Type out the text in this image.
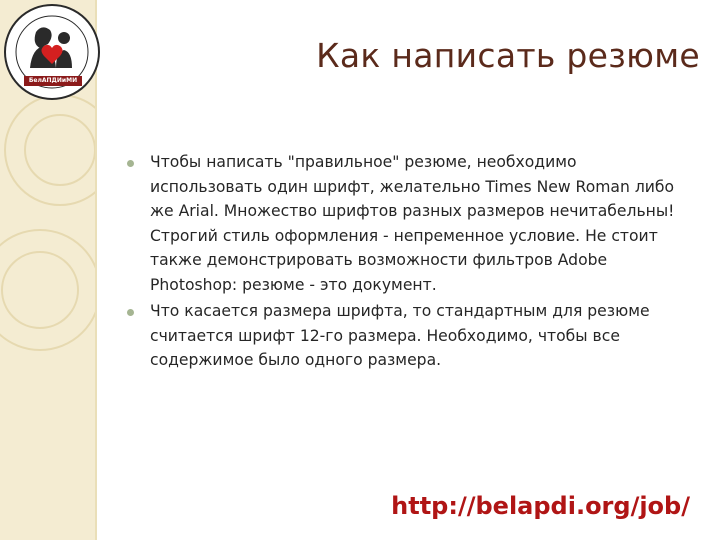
БелАПДИиМИ
Как написать резюме
Чтобы написать "правильное" резюме, необходимо использовать один шрифт, желательно Times New Roman либо же Arial. Множество шрифтов разных размеров нечитабельны! Строгий стиль оформления - непременное условие. Не стоит также демонстрировать возможности фильтров Adobe Photoshop: резюме - это документ.
Что касается размера шрифта, то стандартным для резюме считается шрифт 12-го размера. Необходимо, чтобы все содержимое было одного размера.
http://belapdi.org/job/
